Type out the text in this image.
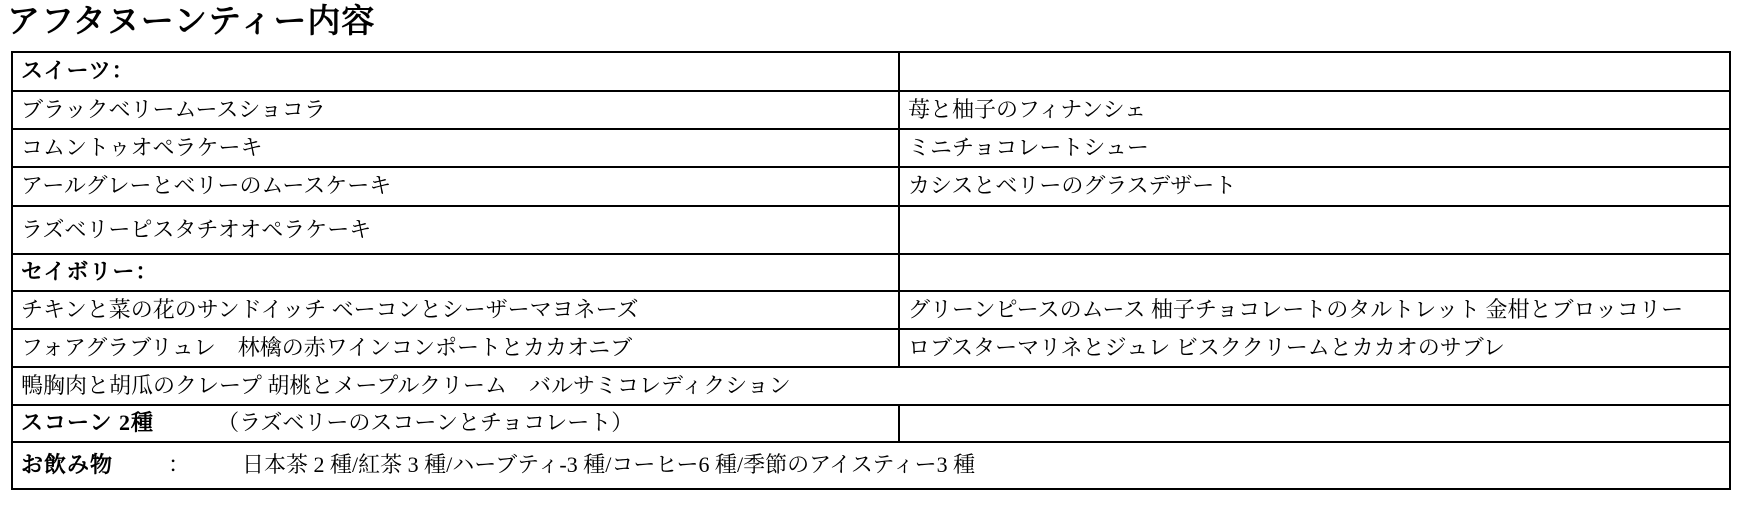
アフタヌーンティー内容
スイーツ：	
ブラックベリームースショコラ	苺と柚子のフィナンシェ
コムントゥオペラケーキ	ミニチョコレートシュー
アールグレーとベリーのムースケーキ	カシスとベリーのグラスデザート
ラズベリーピスタチオオペラケーキ	
セイボリー：	
チキンと菜の花のサンドイッチ ベーコンとシーザーマヨネーズ	グリーンピースのムース 柚子チョコレートのタルトレット 金柑とブロッコリー
フォアグラブリュレ　林檎の赤ワインコンポートとカカオニブ	ロブスターマリネとジュレ ビスククリームとカカオのサブレ
鴨胸肉と胡瓜のクレープ 胡桃とメープルクリーム　バルサミコレディクション	
スコーン 2種 （ラズベリーのスコーンとチョコレート）	
お飲み物 ： 日本茶 2 種/紅茶 3 種/ハーブティ-3 種/コーヒー6 種/季節のアイスティー3 種	
